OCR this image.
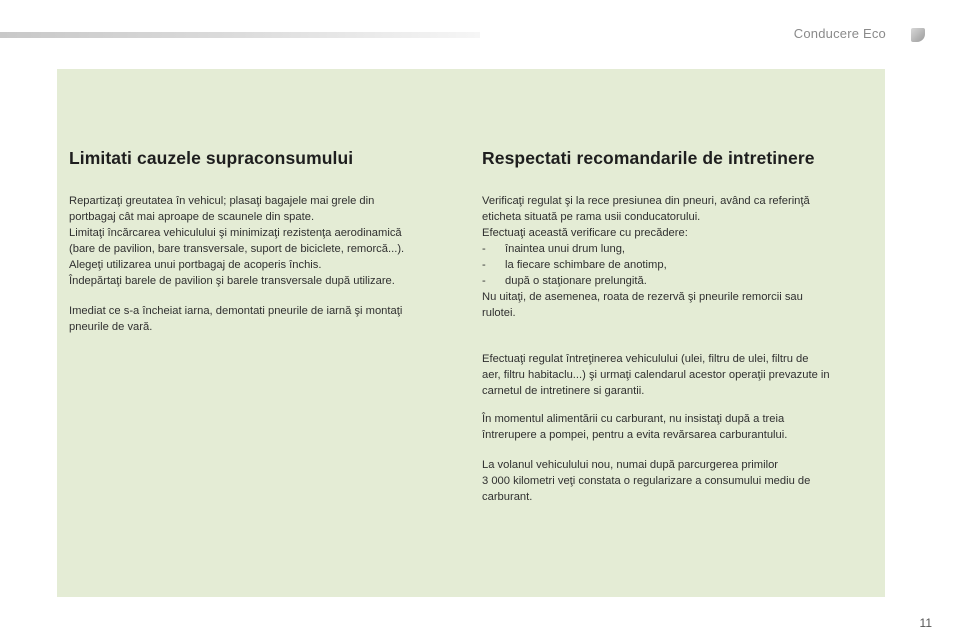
Conducere Eco
Limitati cauzele supraconsumului

Repartizaţi greutatea în vehicul; plasaţi bagajele mai grele din
portbagaj cât mai aproape de scaunele din spate.
Limitaţi încărcarea vehiculului şi minimizaţi rezistenţa aerodinamică
(bare de pavilion, bare transversale, suport de biciclete, remorcă...).
Alegeţi utilizarea unui portbagaj de acoperis închis.
Îndepărtaţi barele de pavilion şi barele transversale după utilizare.

Imediat ce s-a încheiat iarna, demontati pneurile de iarnă şi montaţi
pneurile de vară.

Respectati recomandarile de intretinere

Verificaţi regulat şi la rece presiunea din pneuri, având ca referinţă

eticheta situată pe rama usii conducatorului.

Efectuaţi această verificare cu precădere:

-	înaintea unui drum lung,

-	la fiecare schimbare de anotimp,

-	după o staţionare prelungită.

Nu uitaţi, de asemenea, roata de rezervă şi pneurile remorcii sau

rulotei.

Efectuaţi regulat întreţinerea vehiculului (ulei, filtru de ulei, filtru de
aer, filtru habitaclu...) şi urmaţi calendarul acestor operaţii prevazute in
carnetul de intretinere si garantii.

În momentul alimentării cu carburant, nu insistaţi după a treia
întrerupere a pompei, pentru a evita revărsarea carburantului.

La volanul vehiculului nou, numai după parcurgerea primilor
3 000 kilometri veţi constata o regularizare a consumului mediu de
carburant.

11
